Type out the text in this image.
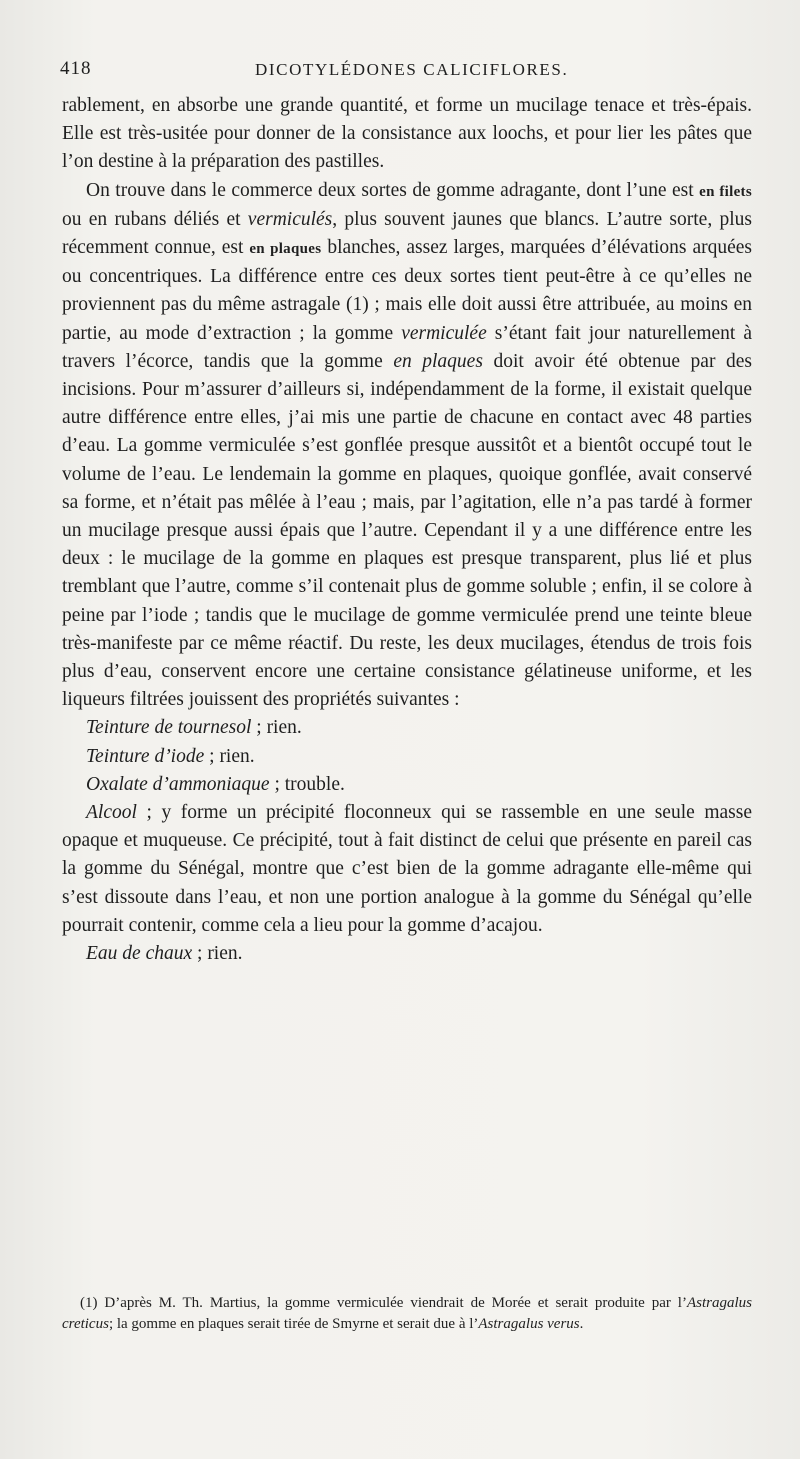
418	DICOTYLÉDONES CALICIFLORES.

rablement, en absorbe une grande quantité, et forme un mucilage tenace et très-épais. Elle est très-usitée pour donner de la consistance aux loochs, et pour lier les pâtes que l’on destine à la préparation des pastilles.

On trouve dans le commerce deux sortes de gomme adragante, dont l’une est en filets ou en rubans déliés et vermiculés, plus souvent jaunes que blancs. L’autre sorte, plus récemment connue, est en plaques blanches, assez larges, marquées d’élévations arquées ou concentriques. La différence entre ces deux sortes tient peut-être à ce qu’elles ne proviennent pas du même astragale (1) ; mais elle doit aussi être attribuée, au moins en partie, au mode d’extraction ; la gomme vermiculée s’étant fait jour naturellement à travers l’écorce, tandis que la gomme en plaques doit avoir été obtenue par des incisions. Pour m’assurer d’ailleurs si, indépendamment de la forme, il existait quelque autre différence entre elles, j’ai mis une partie de chacune en contact avec 48 parties d’eau. La gomme vermiculée s’est gonflée presque aussitôt et a bientôt occupé tout le volume de l’eau. Le lendemain la gomme en plaques, quoique gonflée, avait conservé sa forme, et n’était pas mêlée à l’eau ; mais, par l’agitation, elle n’a pas tardé à former un mucilage presque aussi épais que l’autre. Cependant il y a une différence entre les deux : le mucilage de la gomme en plaques est presque transparent, plus lié et plus tremblant que l’autre, comme s’il contenait plus de gomme soluble ; enfin, il se colore à peine par l’iode ; tandis que le mucilage de gomme vermiculée prend une teinte bleue très-manifeste par ce même réactif. Du reste, les deux mucilages, étendus de trois fois plus d’eau, conservent encore une certaine consistance gélatineuse uniforme, et les liqueurs filtrées jouissent des propriétés suivantes :

Teinture de tournesol ; rien.

Teinture d’iode ; rien.

Oxalate d’ammoniaque ; trouble.

Alcool ; y forme un précipité floconneux qui se rassemble en une seule masse opaque et muqueuse. Ce précipité, tout à fait distinct de celui que présente en pareil cas la gomme du Sénégal, montre que c’est bien de la gomme adragante elle-même qui s’est dissoute dans l’eau, et non une portion analogue à la gomme du Sénégal qu’elle pourrait contenir, comme cela a lieu pour la gomme d’acajou.

Eau de chaux ; rien.

(1) D’après M. Th. Martius, la gomme vermiculée viendrait de Morée et serait produite par l’Astragalus creticus; la gomme en plaques serait tirée de Smyrne et serait due à l’Astragalus verus.
